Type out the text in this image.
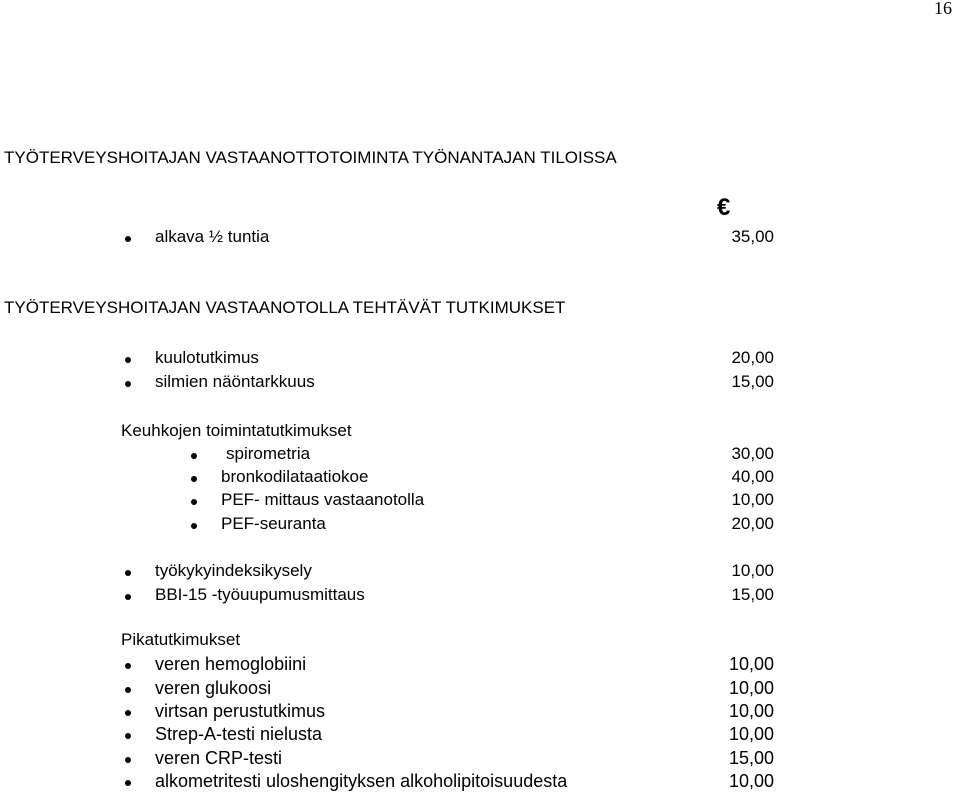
16
TYÖTERVEYSHOITAJAN VASTAANOTTOTOIMINTA TYÖNANTAJAN TILOISSA
€
alkava ½ tuntia	35,00
TYÖTERVEYSHOITAJAN VASTAANOTOLLA TEHTÄVÄT TUTKIMUKSET
kuulotutkimus	20,00
silmien näöntarkkuus	15,00
Keuhkojen toimintatutkimukset
spirometria	30,00
bronkodilataatiokoe	40,00
PEF- mittaus vastaanotolla	10,00
PEF-seuranta	20,00
työkykyindeksikysely	10,00
BBI-15 -työuupumusmittaus	15,00
Pikatutkimukset
veren hemoglobiini	10,00
veren glukoosi	10,00
virtsan perustutkimus	10,00
Strep-A-testi nielusta	10,00
veren CRP-testi	15,00
alkometritesti uloshengityksen alkoholipitoisuudesta	10,00
